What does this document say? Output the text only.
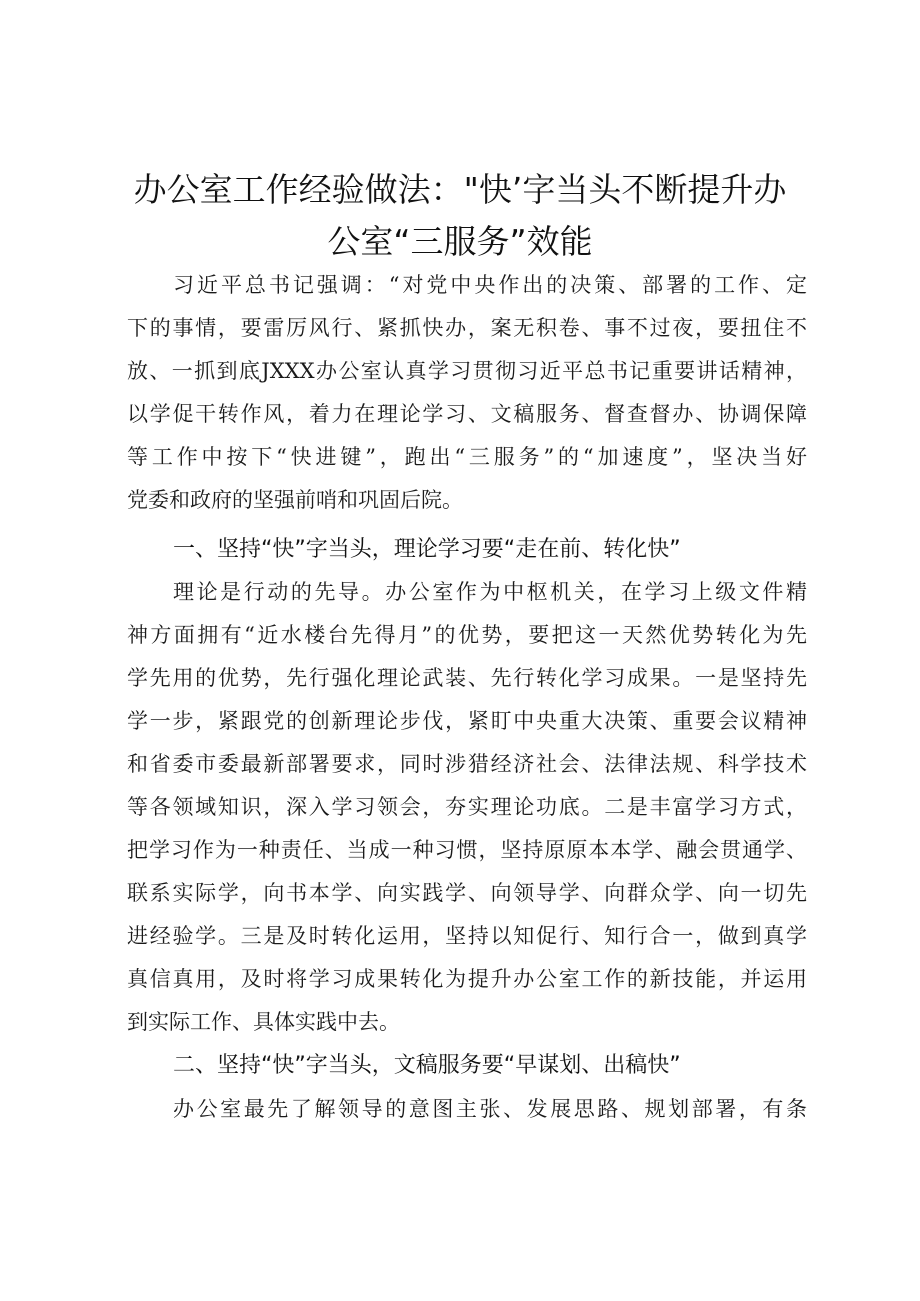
办公室工作经验做法："快’字当头不断提升办
公室“三服务”效能
习近平总书记强调：“对党中央作出的决策、部署的工作、定
下的事情，要雷厉风行、紧抓快办，案无积卷、事不过夜，要扭住不
放、一抓到底JXXX办公室认真学习贯彻习近平总书记重要讲话精神，
以学促干转作风，着力在理论学习、文稿服务、督查督办、协调保障
等工作中按下“快进键”，跑出“三服务”的“加速度”，坚决当好
党委和政府的坚强前哨和巩固后院。
一、坚持“快”字当头，理论学习要“走在前、转化快”
理论是行动的先导。办公室作为中枢机关，在学习上级文件精
神方面拥有“近水楼台先得月”的优势，要把这一天然优势转化为先
学先用的优势，先行强化理论武装、先行转化学习成果。一是坚持先
学一步，紧跟党的创新理论步伐，紧盯中央重大决策、重要会议精神
和省委市委最新部署要求，同时涉猎经济社会、法律法规、科学技术
等各领域知识，深入学习领会，夯实理论功底。二是丰富学习方式，
把学习作为一种责任、当成一种习惯，坚持原原本本学、融会贯通学、
联系实际学，向书本学、向实践学、向领导学、向群众学、向一切先
进经验学。三是及时转化运用，坚持以知促行、知行合一，做到真学
真信真用，及时将学习成果转化为提升办公室工作的新技能，并运用
到实际工作、具体实践中去。
二、坚持“快”字当头，文稿服务要“早谋划、出稿快”
办公室最先了解领导的意图主张、发展思路、规划部署，有条
